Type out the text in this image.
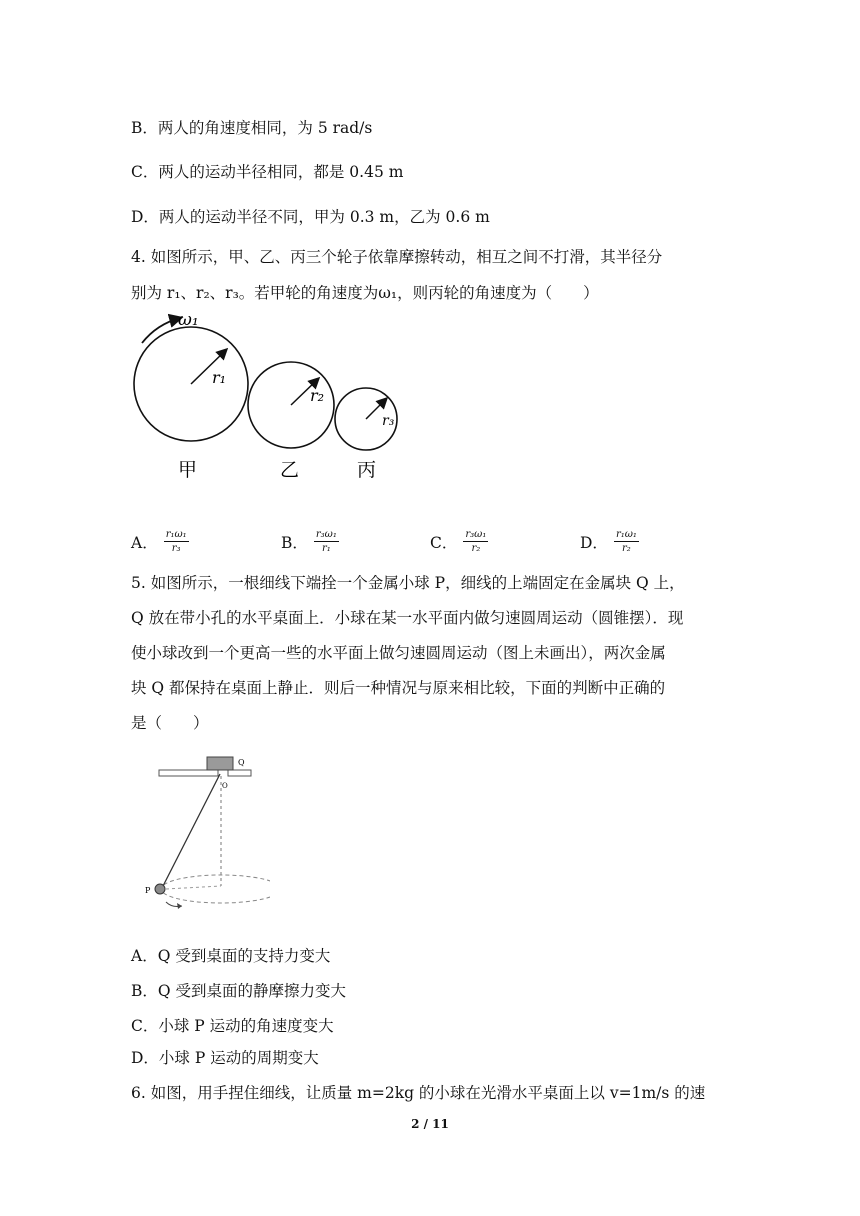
B．两人的角速度相同，为 5 rad/s
C．两人的运动半径相同，都是 0.45 m
D．两人的运动半径不同，甲为 0.3 m，乙为 0.6 m
4. 如图所示，甲、乙、丙三个轮子依靠摩擦转动，相互之间不打滑，其半径分
别为 r₁、r₂、r₃。若甲轮的角速度为ω₁，则丙轮的角速度为（　　）
ω₁
r₁
r₂
r₃
甲	乙	丙
A． $\frac{\text{r₁ω₁}}{\text{r₃}}$	B． $\frac{\text{r₃ω₁}}{\text{r₁}}$	C． $\frac{\text{r₃ω₁}}{\text{r₂}}$	D． $\frac{\text{r₁ω₁}}{\text{r₂}}$
5. 如图所示，一根细线下端拴一个金属小球 P，细线的上端固定在金属块 Q 上，
Q 放在带小孔的水平桌面上．小球在某一水平面内做匀速圆周运动（圆锥摆）．现
使小球改到一个更高一些的水平面上做匀速圆周运动（图上未画出），两次金属
块 Q 都保持在桌面上静止．则后一种情况与原来相比较，下面的判断中正确的
是（　　）
Q
O
P
A．Q 受到桌面的支持力变大
B．Q 受到桌面的静摩擦力变大
C．小球 P 运动的角速度变大
D．小球 P 运动的周期变大
6. 如图，用手捏住细线，让质量 m=2kg 的小球在光滑水平桌面上以 v=1m/s 的速
2 / 11
